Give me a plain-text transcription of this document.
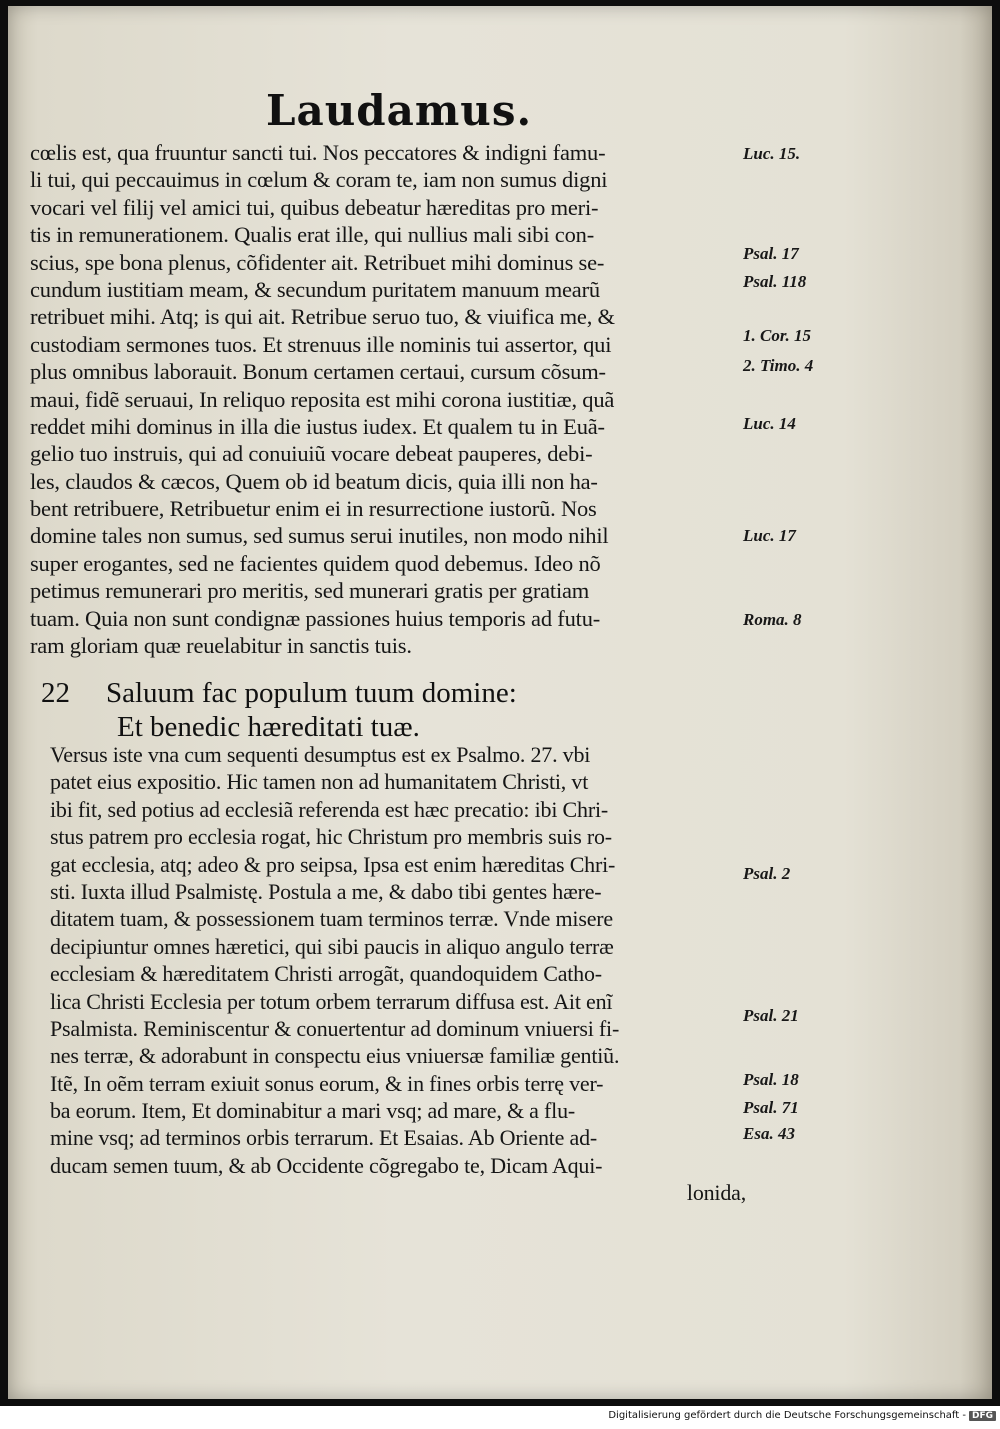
Laudamus.
cœlis est, qua fruuntur sancti tui. Nos peccatores & indigni famu-
li tui, qui peccauimus in cœlum & coram te, iam non sumus digni
vocari vel filij vel amici tui, quibus debeatur hæreditas pro meri-
tis in remunerationem. Qualis erat ille, qui nullius mali sibi con-
scius, spe bona plenus, cõfidenter ait. Retribuet mihi dominus se-
cundum iustitiam meam, & secundum puritatem manuum mearũ
retribuet mihi. Atq; is qui ait. Retribue seruo tuo, & viuifica me, &
custodiam sermones tuos. Et strenuus ille nominis tui assertor, qui
plus omnibus laborauit. Bonum certamen certaui, cursum cõsum-
maui, fidẽ seruaui, In reliquo reposita est mihi corona iustitiæ, quã
reddet mihi dominus in illa die iustus iudex. Et qualem tu in Euã-
gelio tuo instruis, qui ad conuiuiũ vocare debeat pauperes, debi-
les, claudos & cæcos, Quem ob id beatum dicis, quia illi non ha-
bent retribuere, Retribuetur enim ei in resurrectione iustorũ. Nos
domine tales non sumus, sed sumus serui inutiles, non modo nihil
super erogantes, sed ne facientes quidem quod debemus. Ideo nõ
petimus remunerari pro meritis, sed munerari gratis per gratiam
tuam. Quia non sunt condignæ passiones huius temporis ad futu-
ram gloriam quæ reuelabitur in sanctis tuis.
22 Saluum fac populum tuum domine:
Et benedic hæreditati tuæ.
Versus iste vna cum sequenti desumptus est ex Psalmo. 27. vbi
patet eius expositio. Hic tamen non ad humanitatem Christi, vt
ibi fit, sed potius ad ecclesiã referenda est hæc precatio: ibi Chri-
stus patrem pro ecclesia rogat, hic Christum pro membris suis ro-
gat ecclesia, atq; adeo & pro seipsa, Ipsa est enim hæreditas Chri-
sti. Iuxta illud Psalmistę. Postula a me, & dabo tibi gentes hære-
ditatem tuam, & possessionem tuam terminos terræ. Vnde misere
decipiuntur omnes hæretici, qui sibi paucis in aliquo angulo terræ
ecclesiam & hæreditatem Christi arrogãt, quandoquidem Catho-
lica Christi Ecclesia per totum orbem terrarum diffusa est. Ait enĩ
Psalmista. Reminiscentur & conuertentur ad dominum vniuersi fi-
nes terræ, & adorabunt in conspectu eius vniuersæ familiæ gentiũ.
Itẽ, In oẽm terram exiuit sonus eorum, & in fines orbis terrę ver-
ba eorum. Item, Et dominabitur a mari vsq; ad mare, & a flu-
mine vsq; ad terminos orbis terrarum. Et Esaias. Ab Oriente ad-
ducam semen tuum, & ab Occidente cõgregabo te, Dicam Aqui-
lonida,
Luc. 15.
Psal. 17
Psal. 118
1. Cor. 15
2. Timo. 4
Luc. 14
Luc. 17
Roma. 8
Psal. 2
Psal. 21
Psal. 18
Psal. 71
Esa. 43
Digitalisierung gefördert durch die Deutsche Forschungsgemeinschaft - DFG
